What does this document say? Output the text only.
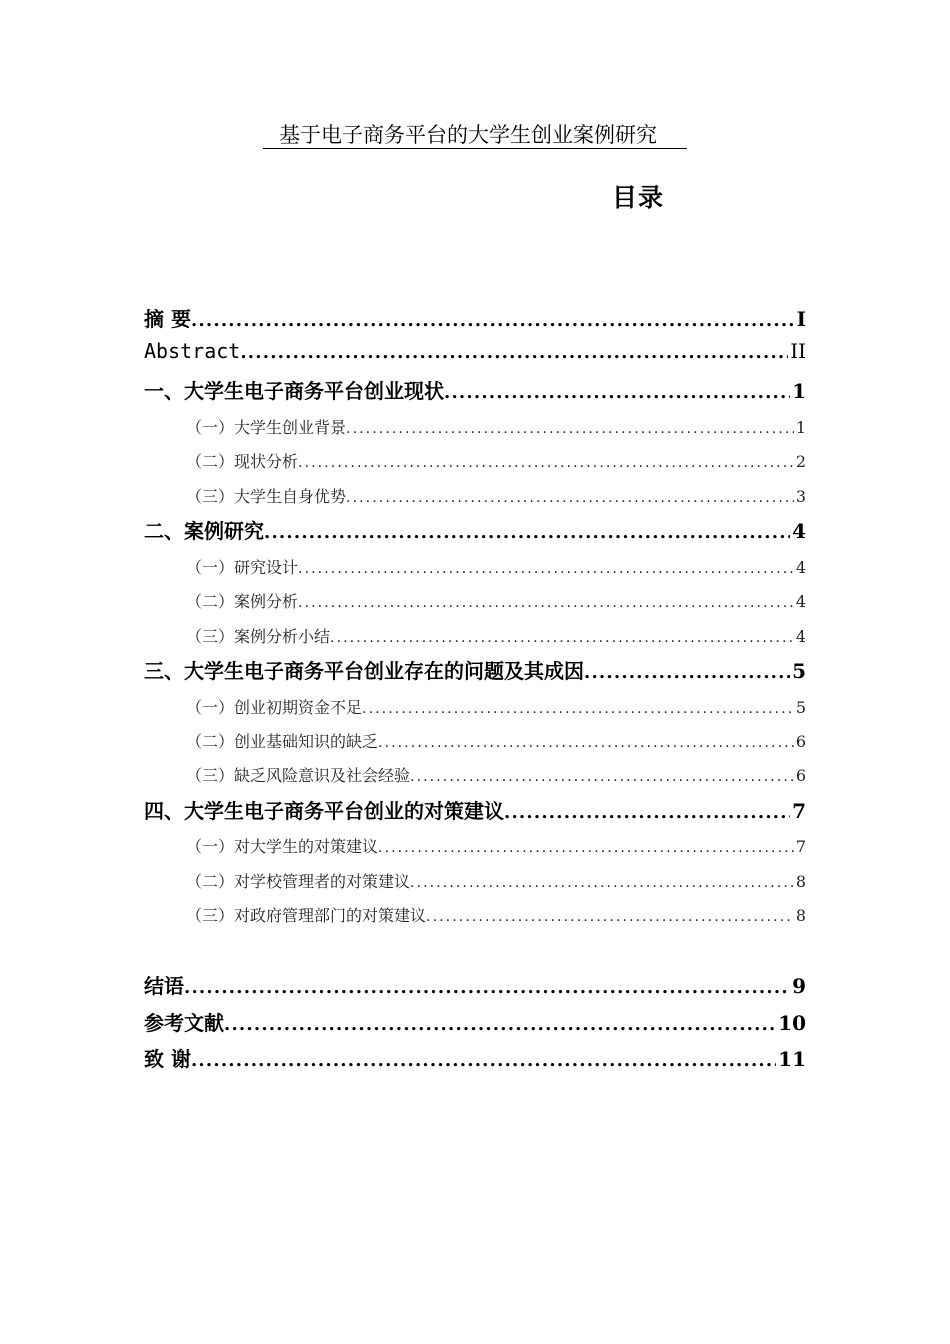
基于电子商务平台的大学生创业案例研究
目录
摘 要 .....	I
Abstract .....	II
一、大学生电子商务平台创业现状 .....	1
（一）大学生创业背景 .....	1
（二）现状分析 .....	2
（三）大学生自身优势 .....	3
二、案例研究 .....	4
（一）研究设计 .....	4
（二）案例分析 .....	4
（三）案例分析小结 .....	4
三、大学生电子商务平台创业存在的问题及其成因 .....	5
（一）创业初期资金不足 .....	5
（二）创业基础知识的缺乏 .....	6
（三）缺乏风险意识及社会经验 .....	6
四、大学生电子商务平台创业的对策建议 .....	7
（一）对大学生的对策建议 .....	7
（二）对学校管理者的对策建议 .....	8
（三）对政府管理部门的对策建议 .....	8
结语 .....	9
参考文献 .....	10
致 谢 .....	11
